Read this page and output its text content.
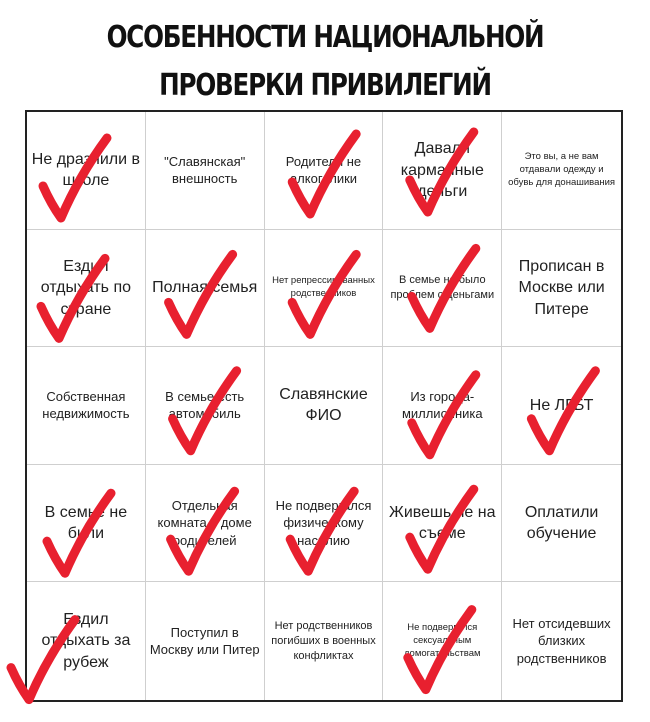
ОСОБЕННОСТИ НАЦИОНАЛЬНОЙ ПРОВЕРКИ ПРИВИЛЕГИЙ
Не дразнили в школе
"Славянская" внешность
Родители не алкоголики
Давали карманные деньги
Это вы, а не вам отдавали одежду и обувь для донашивания
Ездил отдыхать по стране
Полная семья	Нет репрессированных родственников
В семье не было проблем с деньгами
Прописан в Москве или Питере
Собственная недвижимость
В семье есть автомобиль
Славянские ФИО
Из города-миллионника
Не ЛГБТ
В семье не били
Отдельная комната в доме родителей
Не подвергался физическому насилию
Живешь не на съеме
Оплатили обучение
Ездил отдыхать за рубеж
Поступил в Москву или Питер
Нет родственников погибших в военных конфликтах
Не подвергался сексуальным домогательствам
Нет отсидевших близких родственников
